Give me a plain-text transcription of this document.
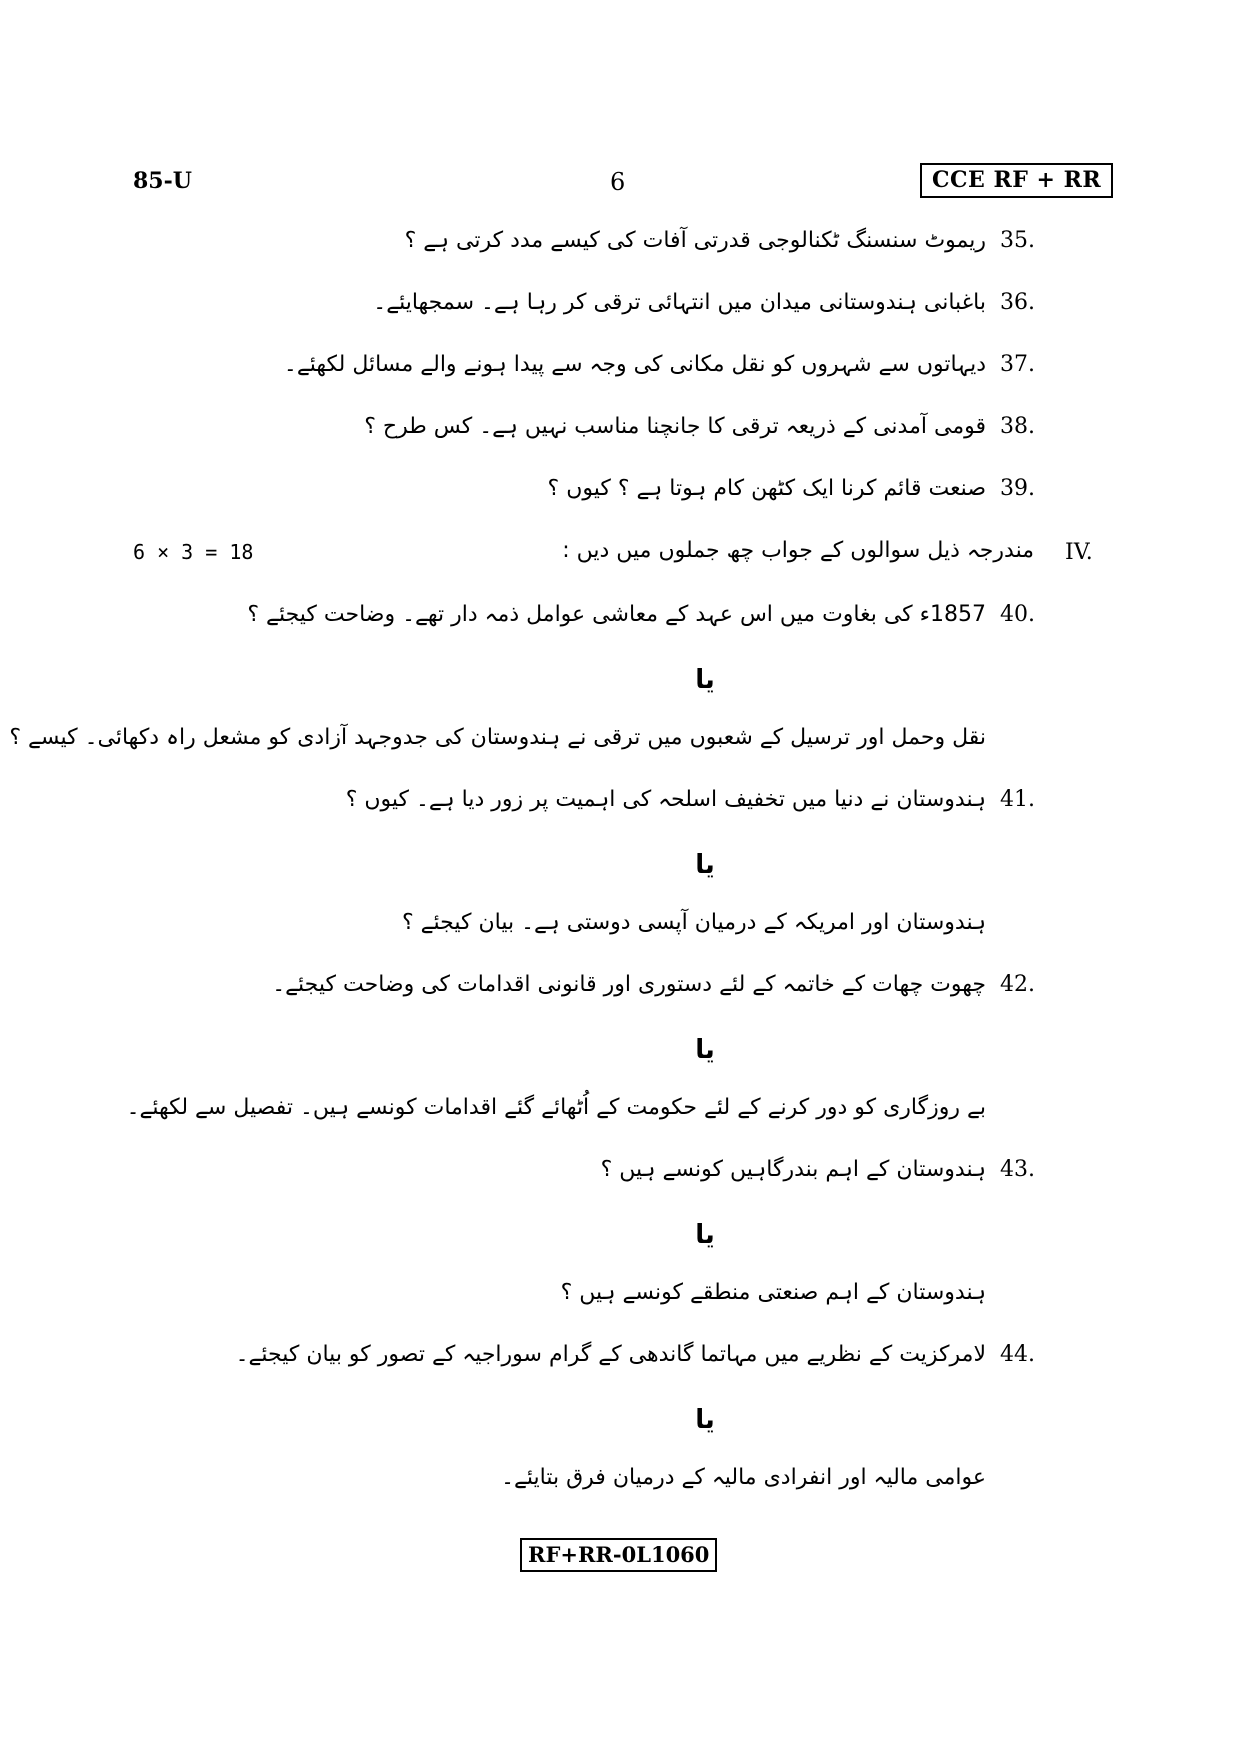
85-U	6	CCE RF + RR
35.
ریموٹ سنسنگ ٹکنالوجی قدرتی آفات کی کیسے مدد کرتی ہے ؟
36.
باغبانی ہندوستانی میدان میں انتہائی ترقی کر رہا ہے۔ سمجھایئے۔
37.
دیہاتوں سے شہروں کو نقل مکانی کی وجہ سے پیدا ہونے والے مسائل لکھئے۔
38.
قومی آمدنی کے ذریعہ ترقی کا جانچنا مناسب نہیں ہے۔ کس طرح ؟
39.
صنعت قائم کرنا ایک کٹھن کام ہوتا ہے ؟ کیوں ؟
6 × 3 = 18	مندرجہ ذیل سوالوں کے جواب چھ جملوں میں دیں : IV.
40.
1857ء کی بغاوت میں اس عہد کے معاشی عوامل ذمہ دار تھے۔ وضاحت کیجئے ؟
یا
نقل وحمل اور ترسیل کے شعبوں میں ترقی نے ہندوستان کی جدوجہد آزادی کو مشعل راہ دکھائی۔ کیسے ؟
41.
ہندوستان نے دنیا میں تخفیف اسلحہ کی اہمیت پر زور دیا ہے۔ کیوں ؟
یا
ہندوستان اور امریکہ کے درمیان آپسی دوستی ہے۔ بیان کیجئے ؟
42.
چھوت چھات کے خاتمہ کے لئے دستوری اور قانونی اقدامات کی وضاحت کیجئے۔
یا
بے روزگاری کو دور کرنے کے لئے حکومت کے اُٹھائے گئے اقدامات کونسے ہیں۔ تفصیل سے لکھئے۔
43.
ہندوستان کے اہم بندرگاہیں کونسے ہیں ؟
یا
ہندوستان کے اہم صنعتی منطقے کونسے ہیں ؟
44.
لامرکزیت کے نظریے میں مہاتما گاندھی کے گرام سوراجیہ کے تصور کو بیان کیجئے۔
یا
عوامی مالیہ اور انفرادی مالیہ کے درمیان فرق بتایئے۔
RF+RR-0L1060
